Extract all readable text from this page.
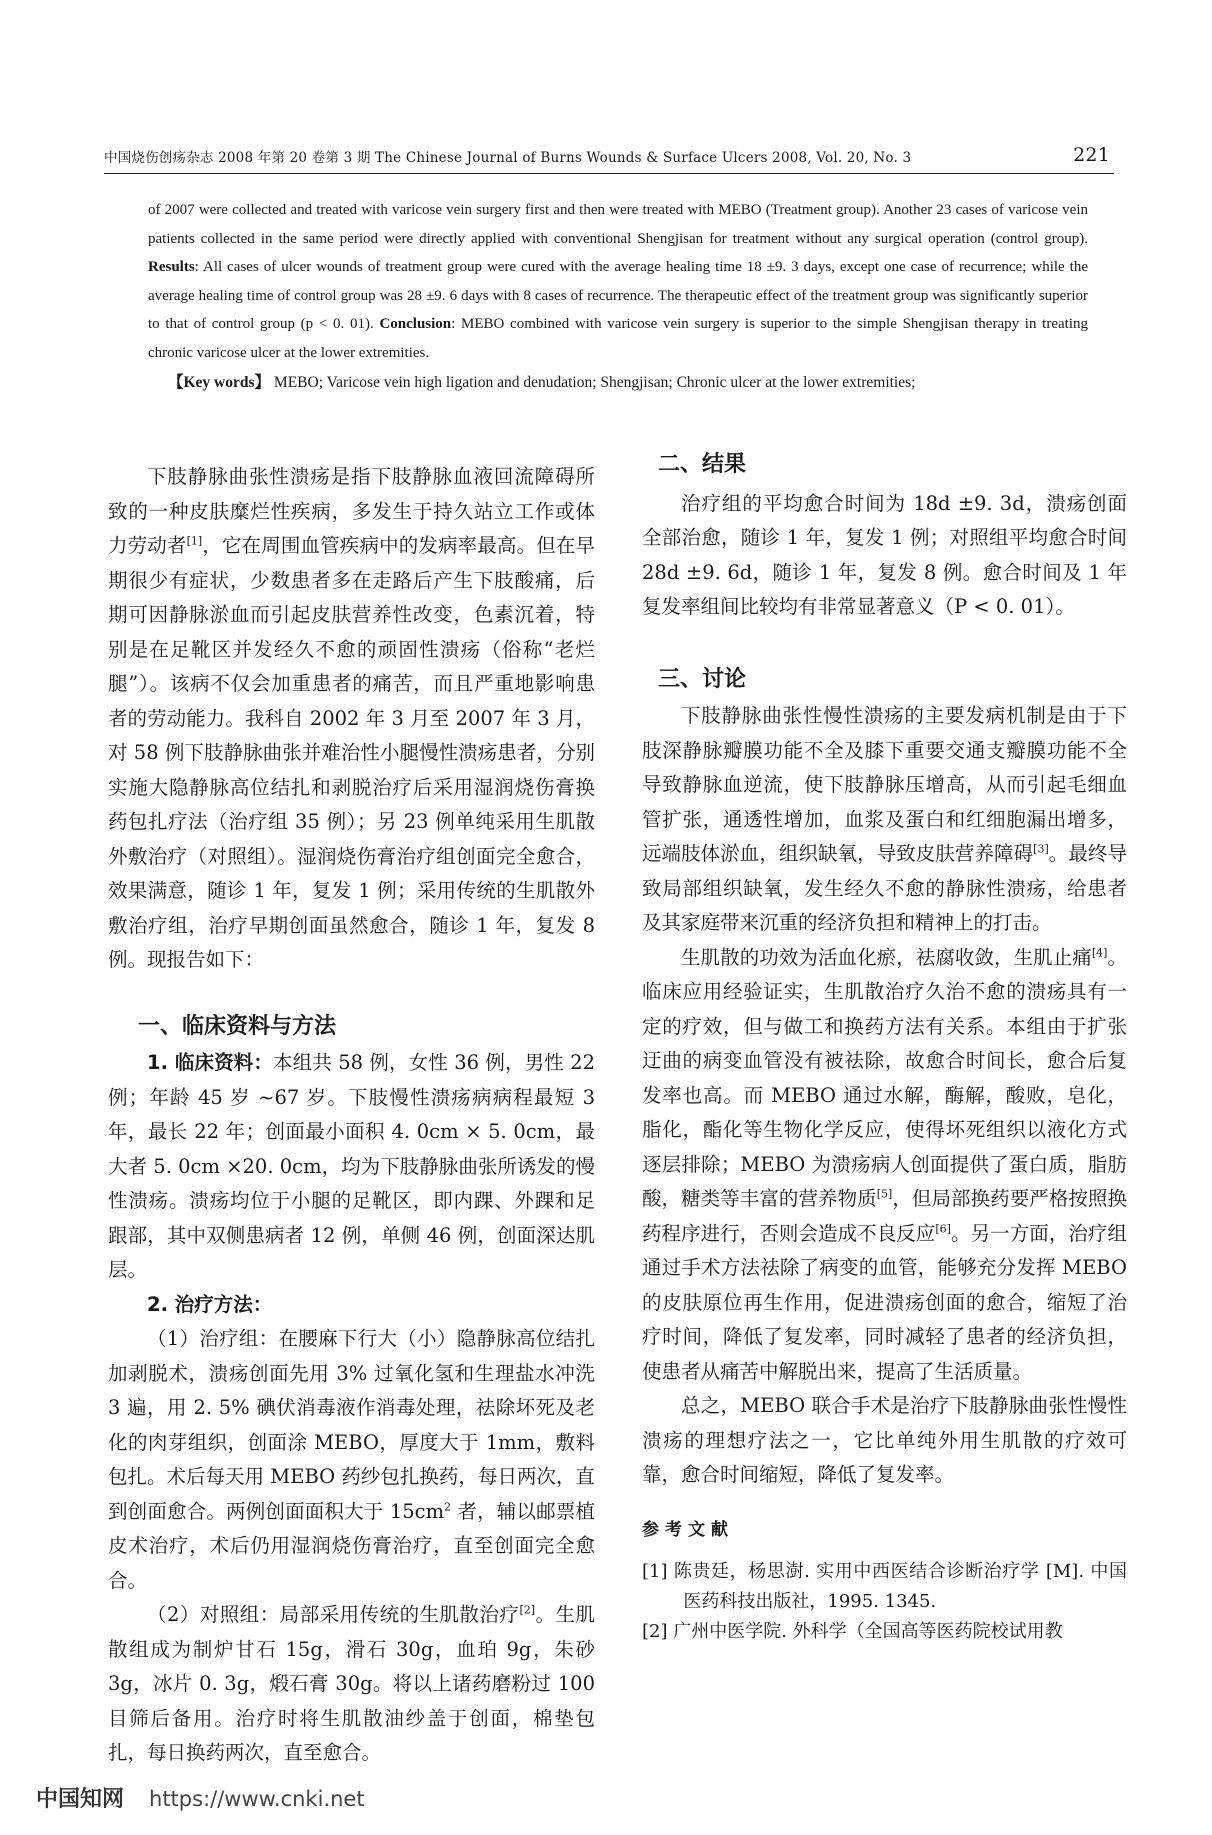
中国烧伤创疡杂志 2008 年第 20 卷第 3 期 The Chinese Journal of Burns Wounds & Surface Ulcers 2008, Vol. 20, No. 3	221

of 2007 were collected and treated with varicose vein surgery first and then were treated with MEBO (Treatment group). Another 23 cases of varicose vein patients collected in the same period were directly applied with conventional Shengjisan for treatment without any surgical operation (control group). Results: All cases of ulcer wounds of treatment group were cured with the average healing time 18 ±9. 3 days, except one case of recurrence; while the average healing time of control group was 28 ±9. 6 days with 8 cases of recurrence. The therapeutic effect of the treatment group was significantly superior to that of control group (p < 0. 01). Conclusion: MEBO combined with varicose vein surgery is superior to the simple Shengjisan therapy in treating chronic varicose ulcer at the lower extremities.

【Key words】 MEBO; Varicose vein high ligation and denudation; Shengjisan; Chronic ulcer at the lower extremities;

下肢静脉曲张性溃疡是指下肢静脉血液回流障碍所致的一种皮肤糜烂性疾病，多发生于持久站立工作或体力劳动者[1]，它在周围血管疾病中的发病率最高。但在早期很少有症状，少数患者多在走路后产生下肢酸痛，后期可因静脉淤血而引起皮肤营养性改变，色素沉着，特别是在足靴区并发经久不愈的顽固性溃疡（俗称“老烂腿”）。该病不仅会加重患者的痛苦，而且严重地影响患者的劳动能力。我科自 2002 年 3 月至 2007 年 3 月，对 58 例下肢静脉曲张并难治性小腿慢性溃疡患者，分别实施大隐静脉高位结扎和剥脱治疗后采用湿润烧伤膏换药包扎疗法（治疗组 35 例）；另 23 例单纯采用生肌散外敷治疗（对照组）。湿润烧伤膏治疗组创面完全愈合，效果满意，随诊 1 年，复发 1 例；采用传统的生肌散外敷治疗组，治疗早期创面虽然愈合，随诊 1 年，复发 8 例。现报告如下：

一、临床资料与方法

1. 临床资料：本组共 58 例，女性 36 例，男性 22 例；年龄 45 岁 ~67 岁。下肢慢性溃疡病病程最短 3 年，最长 22 年；创面最小面积 4. 0cm × 5. 0cm，最大者 5. 0cm ×20. 0cm，均为下肢静脉曲张所诱发的慢性溃疡。溃疡均位于小腿的足靴区，即内踝、外踝和足跟部，其中双侧患病者 12 例，单侧 46 例，创面深达肌层。

2. 治疗方法：

（1）治疗组：在腰麻下行大（小）隐静脉高位结扎加剥脱术，溃疡创面先用 3% 过氧化氢和生理盐水冲洗 3 遍，用 2. 5% 碘伏消毒液作消毒处理，祛除坏死及老化的肉芽组织，创面涂 MEBO，厚度大于 1mm，敷料包扎。术后每天用 MEBO 药纱包扎换药，每日两次，直到创面愈合。两例创面面积大于 $15cm^2$ 者，辅以邮票植皮术治疗，术后仍用湿润烧伤膏治疗，直至创面完全愈合。

（2）对照组：局部采用传统的生肌散治疗[2]。生肌散组成为制炉甘石 15g，滑石 30g，血珀 9g，朱砂 3g，冰片 0. 3g，煅石膏 30g。将以上诸药磨粉过 100 目筛后备用。治疗时将生肌散油纱盖于创面，棉垫包扎，每日换药两次，直至愈合。

二、结果

治疗组的平均愈合时间为 18d ±9. 3d，溃疡创面全部治愈，随诊 1 年，复发 1 例；对照组平均愈合时间 28d ±9. 6d，随诊 1 年，复发 8 例。愈合时间及 1 年复发率组间比较均有非常显著意义（P < 0. 01）。

三、讨论

下肢静脉曲张性慢性溃疡的主要发病机制是由于下肢深静脉瓣膜功能不全及膝下重要交通支瓣膜功能不全导致静脉血逆流，使下肢静脉压增高，从而引起毛细血管扩张，通透性增加，血浆及蛋白和红细胞漏出增多，远端肢体淤血，组织缺氧，导致皮肤营养障碍[3]。最终导致局部组织缺氧，发生经久不愈的静脉性溃疡，给患者及其家庭带来沉重的经济负担和精神上的打击。

生肌散的功效为活血化瘀，祛腐收敛，生肌止痛[4]。临床应用经验证实，生肌散治疗久治不愈的溃疡具有一定的疗效，但与做工和换药方法有关系。本组由于扩张迂曲的病变血管没有被祛除，故愈合时间长，愈合后复发率也高。而 MEBO 通过水解，酶解，酸败，皂化，脂化，酯化等生物化学反应，使得坏死组织以液化方式逐层排除；MEBO 为溃疡病人创面提供了蛋白质，脂肪酸，糖类等丰富的营养物质[5]，但局部换药要严格按照换药程序进行，否则会造成不良反应[6]。另一方面，治疗组通过手术方法祛除了病变的血管，能够充分发挥 MEBO 的皮肤原位再生作用，促进溃疡创面的愈合，缩短了治疗时间，降低了复发率，同时减轻了患者的经济负担，使患者从痛苦中解脱出来，提高了生活质量。

总之，MEBO 联合手术是治疗下肢静脉曲张性慢性溃疡的理想疗法之一，它比单纯外用生肌散的疗效可靠，愈合时间缩短，降低了复发率。

参考文献

[1] 陈贵廷，杨思澍. 实用中西医结合诊断治疗学 [M]. 中国医药科技出版社，1995. 1345.

[2] 广州中医学院. 外科学（全国高等医药院校试用教

中国知网 https://www.cnki.net
